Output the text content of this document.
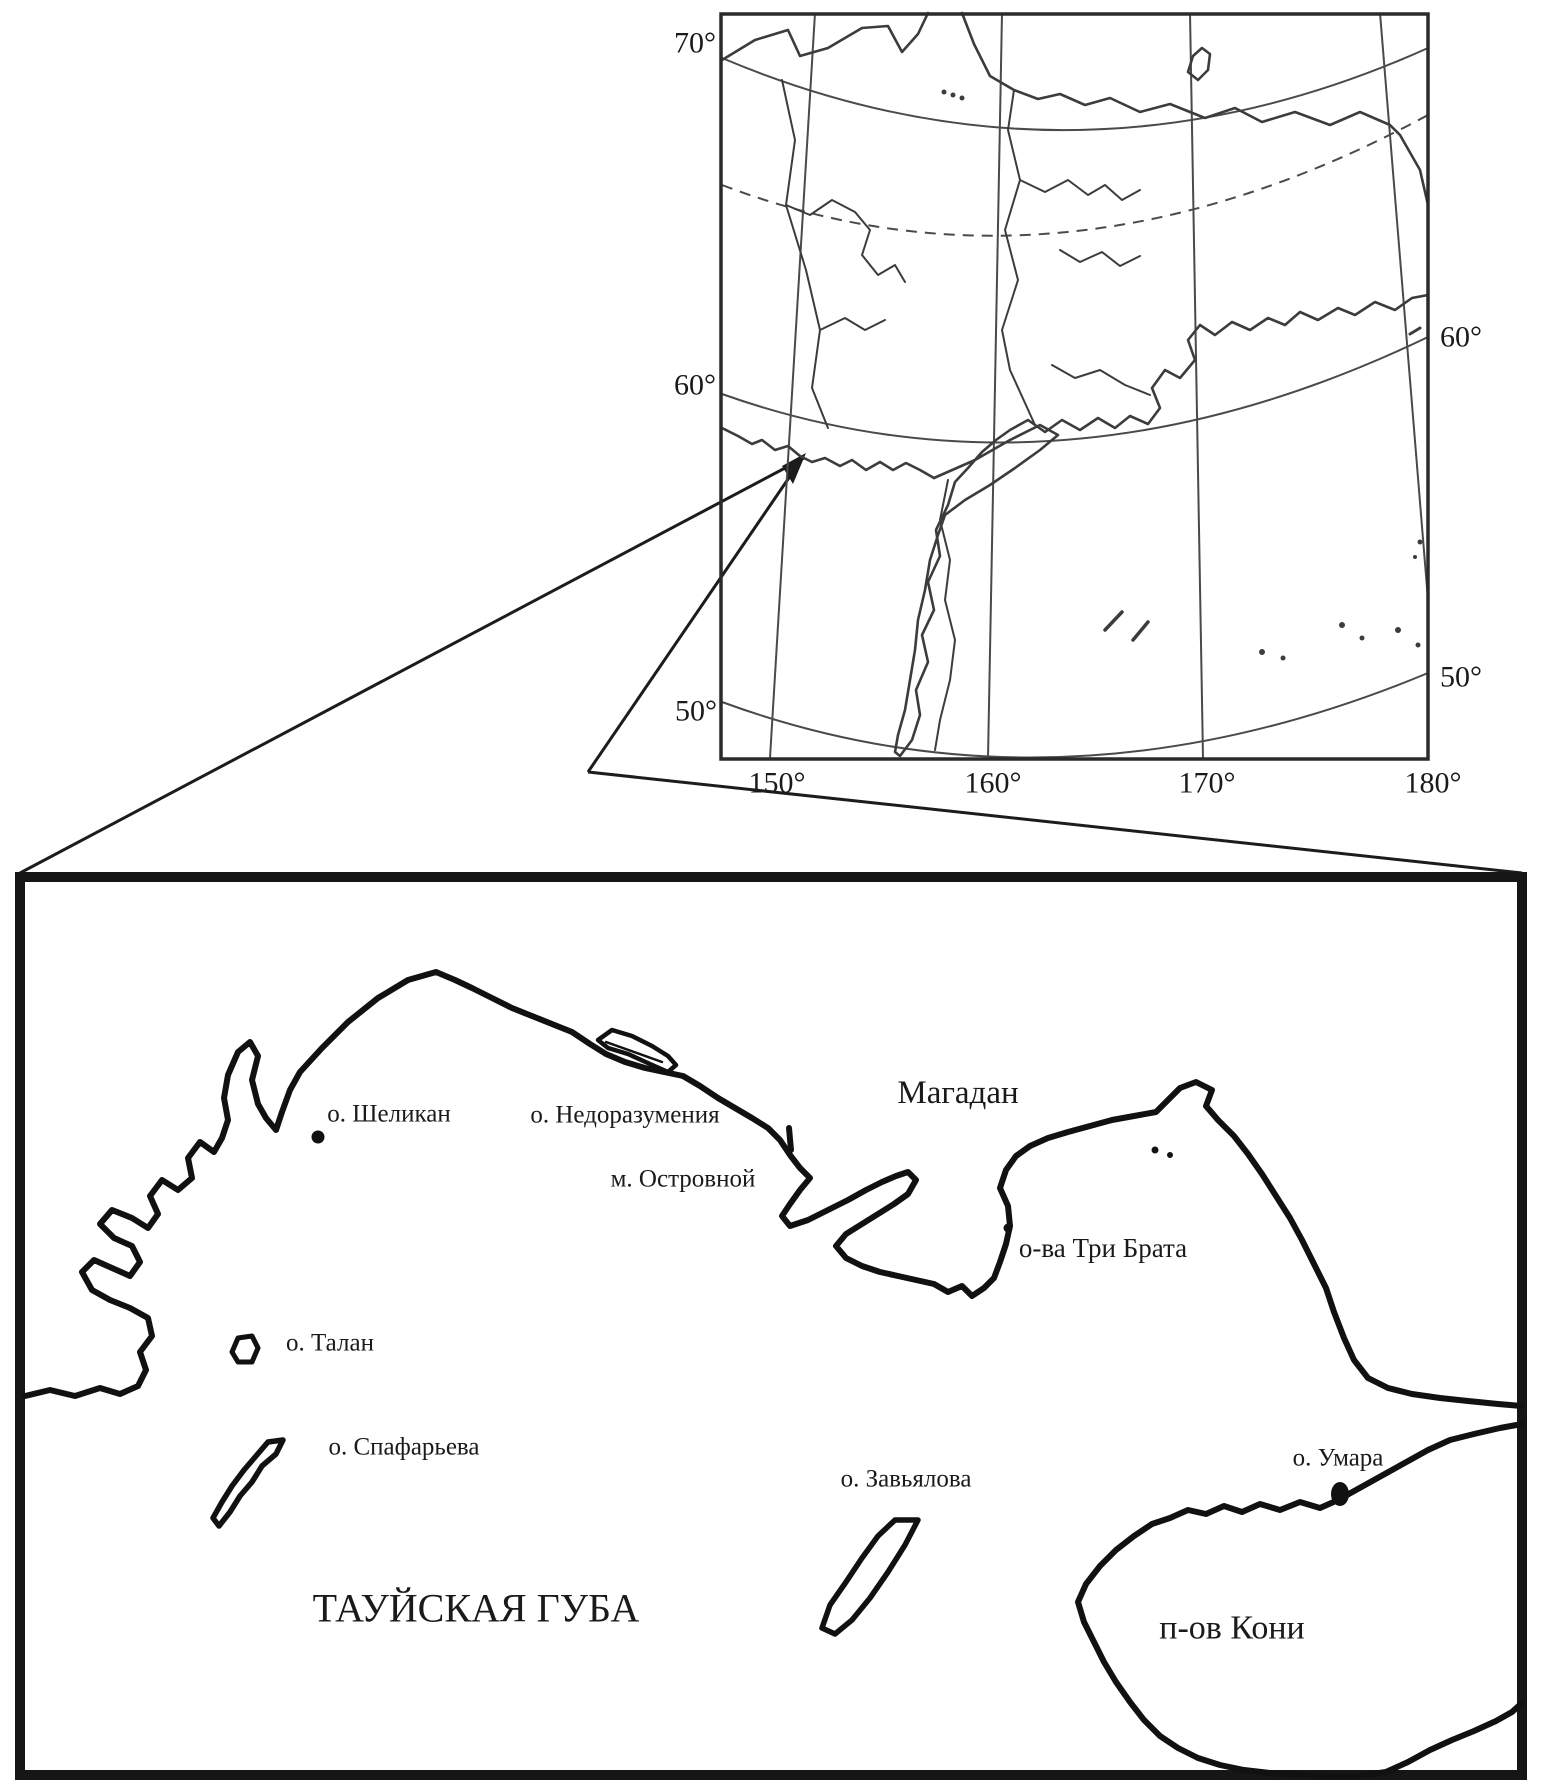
70°
60°
50°
60°
50°
150°	160°	170°	180°
о. Шеликан	о. Недоразумения
Магадан
м. Островной
о-ва Три Брата
о. Талан
о. Спафарьева
о. Завьялова
о. Умара
ТАУЙСКАЯ ГУБА	п-ов Кони
